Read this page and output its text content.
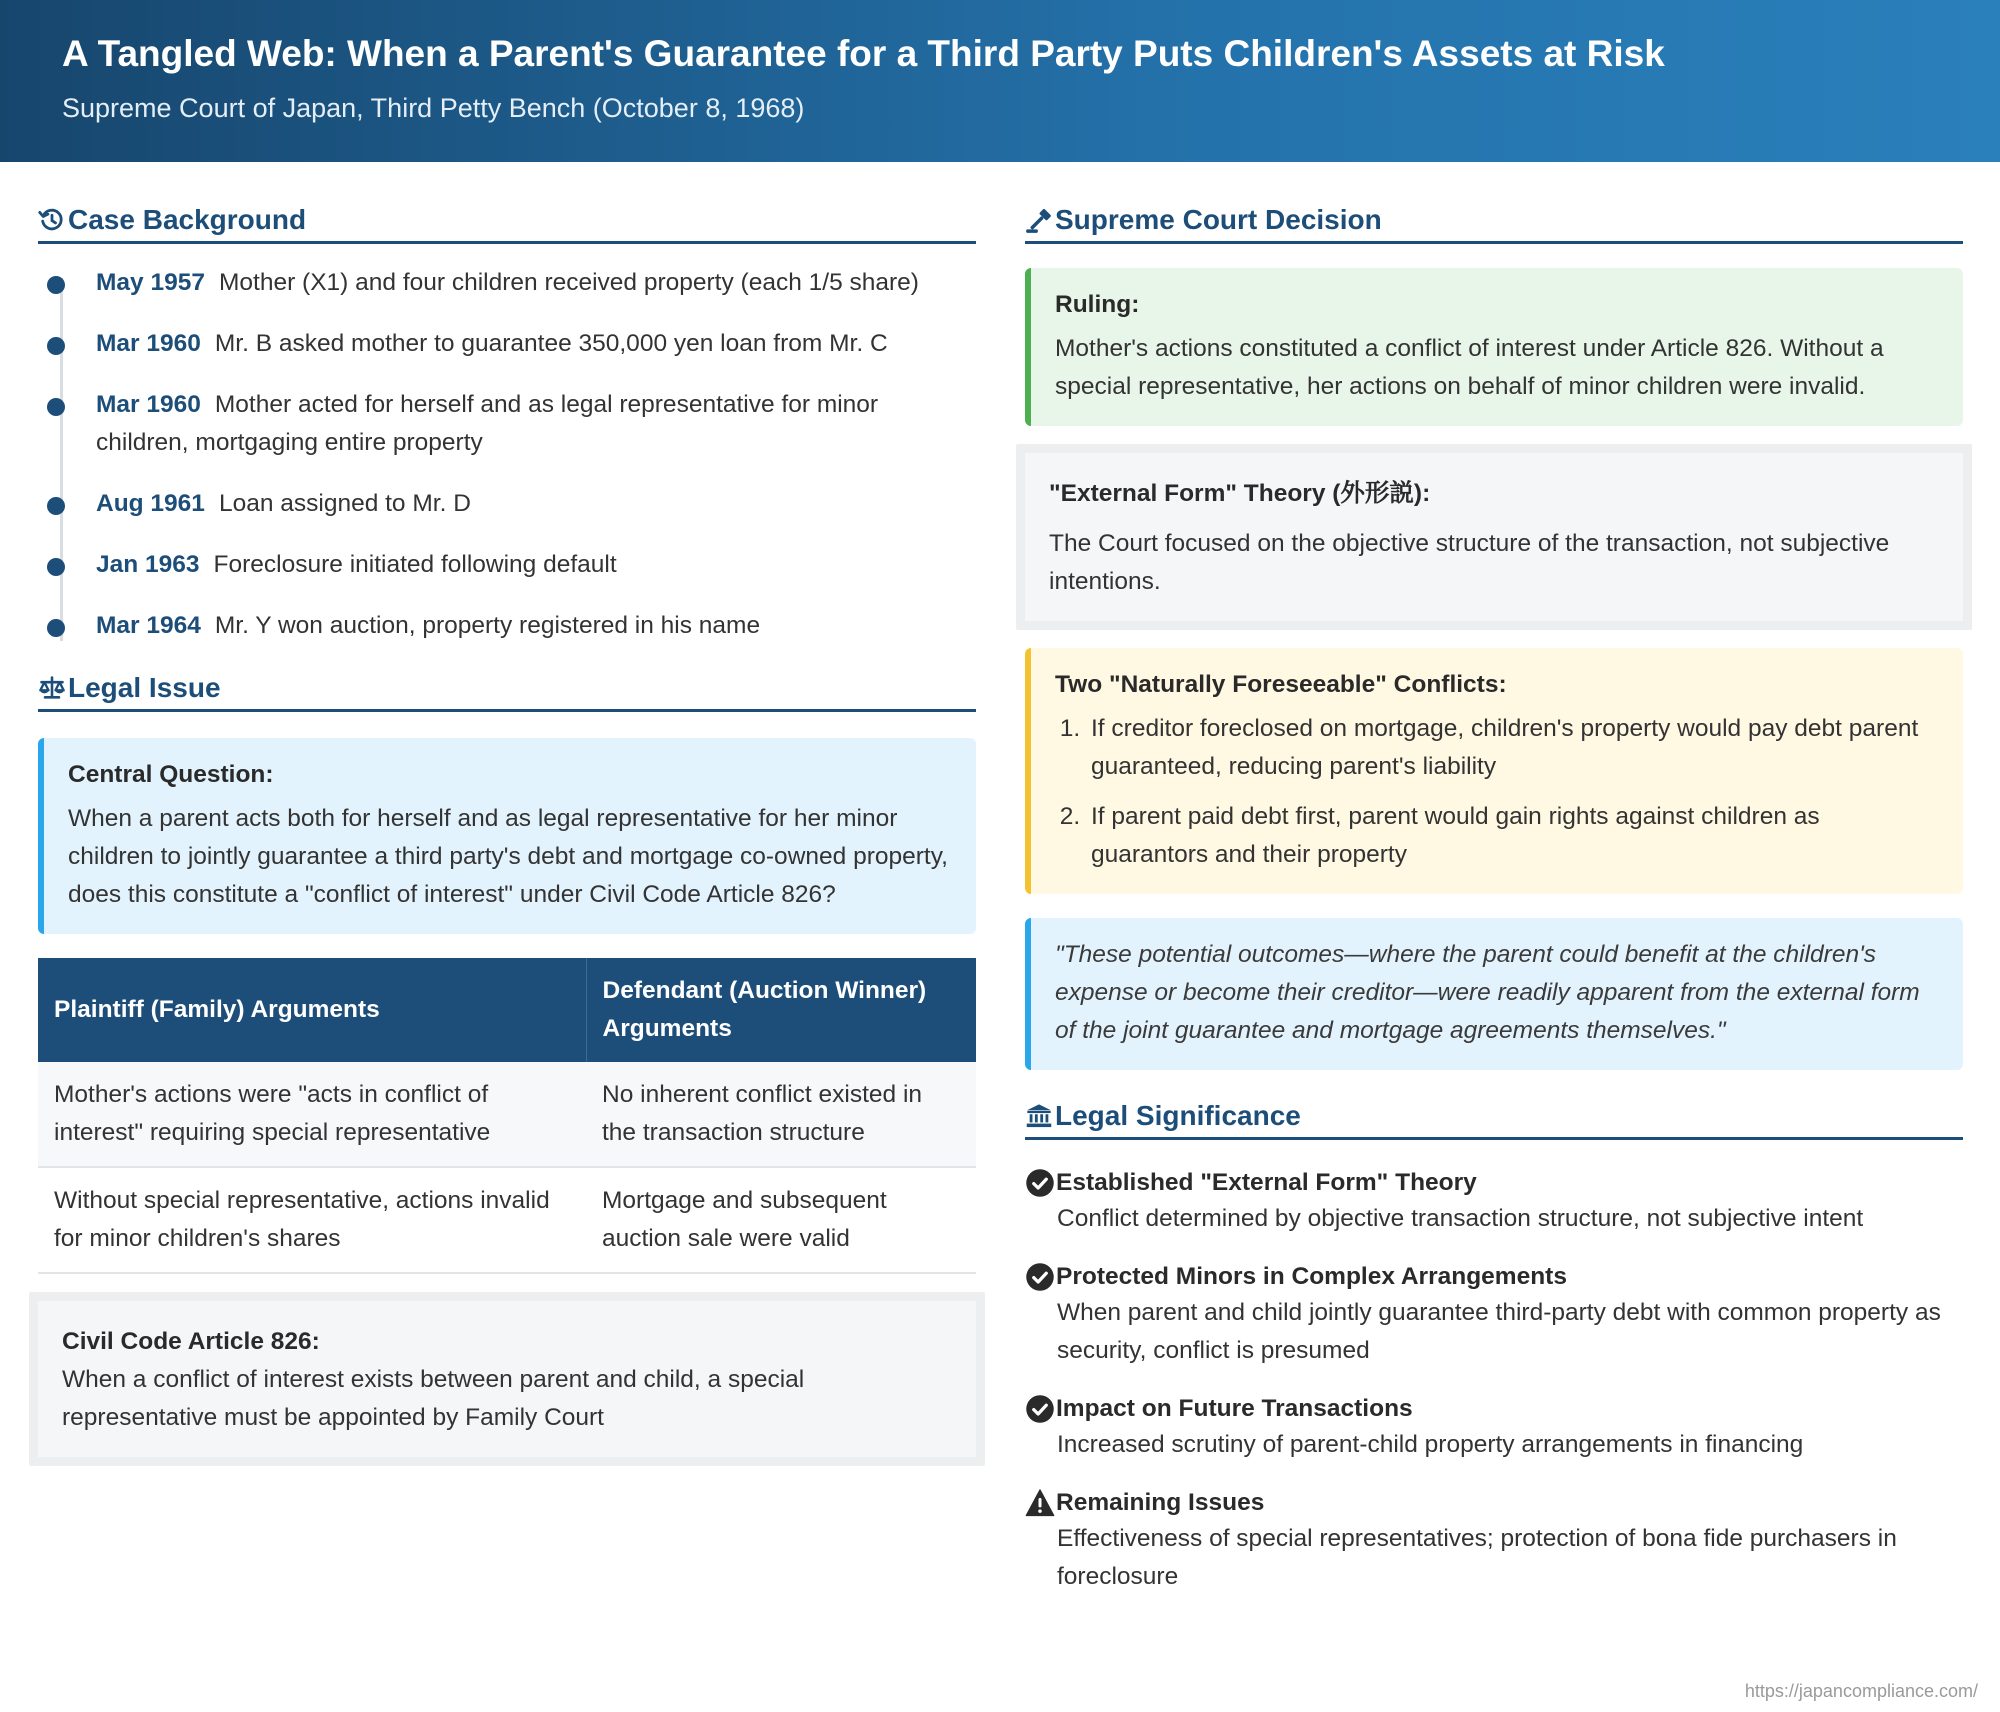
A Tangled Web: When a Parent's Guarantee for a Third Party Puts Children's Assets at Risk
Supreme Court of Japan, Third Petty Bench (October 8, 1968)
Case Background
May 1957 Mother (X1) and four children received property (each 1/5 share)
Mar 1960 Mr. B asked mother to guarantee 350,000 yen loan from Mr. C
Mar 1960 Mother acted for herself and as legal representative for minor children, mortgaging entire property
Aug 1961 Loan assigned to Mr. D
Jan 1963 Foreclosure initiated following default
Mar 1964 Mr. Y won auction, property registered in his name
Legal Issue
Central Question:
When a parent acts both for herself and as legal representative for her minor children to jointly guarantee a third party's debt and mortgage co-owned property, does this constitute a "conflict of interest" under Civil Code Article 826?
Plaintiff (Family) Arguments	Defendant (Auction Winner) Arguments
Mother's actions were "acts in conflict of interest" requiring special representative	No inherent conflict existed in the transaction structure
Without special representative, actions invalid for minor children's shares	Mortgage and subsequent auction sale were valid
Civil Code Article 826:
When a conflict of interest exists between parent and child, a special representative must be appointed by Family Court
Supreme Court Decision
Ruling:
Mother's actions constituted a conflict of interest under Article 826. Without a special representative, her actions on behalf of minor children were invalid.
"External Form" Theory (外形説):
The Court focused on the objective structure of the transaction, not subjective intentions.
Two "Naturally Foreseeable" Conflicts:
1. If creditor foreclosed on mortgage, children's property would pay debt parent guaranteed, reducing parent's liability
2. If parent paid debt first, parent would gain rights against children as guarantors and their property
"These potential outcomes—where the parent could benefit at the children's expense or become their creditor—were readily apparent from the external form of the joint guarantee and mortgage agreements themselves."
Legal Significance
Established "External Form" Theory
Conflict determined by objective transaction structure, not subjective intent
Protected Minors in Complex Arrangements
When parent and child jointly guarantee third-party debt with common property as security, conflict is presumed
Impact on Future Transactions
Increased scrutiny of parent-child property arrangements in financing
Remaining Issues
Effectiveness of special representatives; protection of bona fide purchasers in foreclosure
https://japancompliance.com/
